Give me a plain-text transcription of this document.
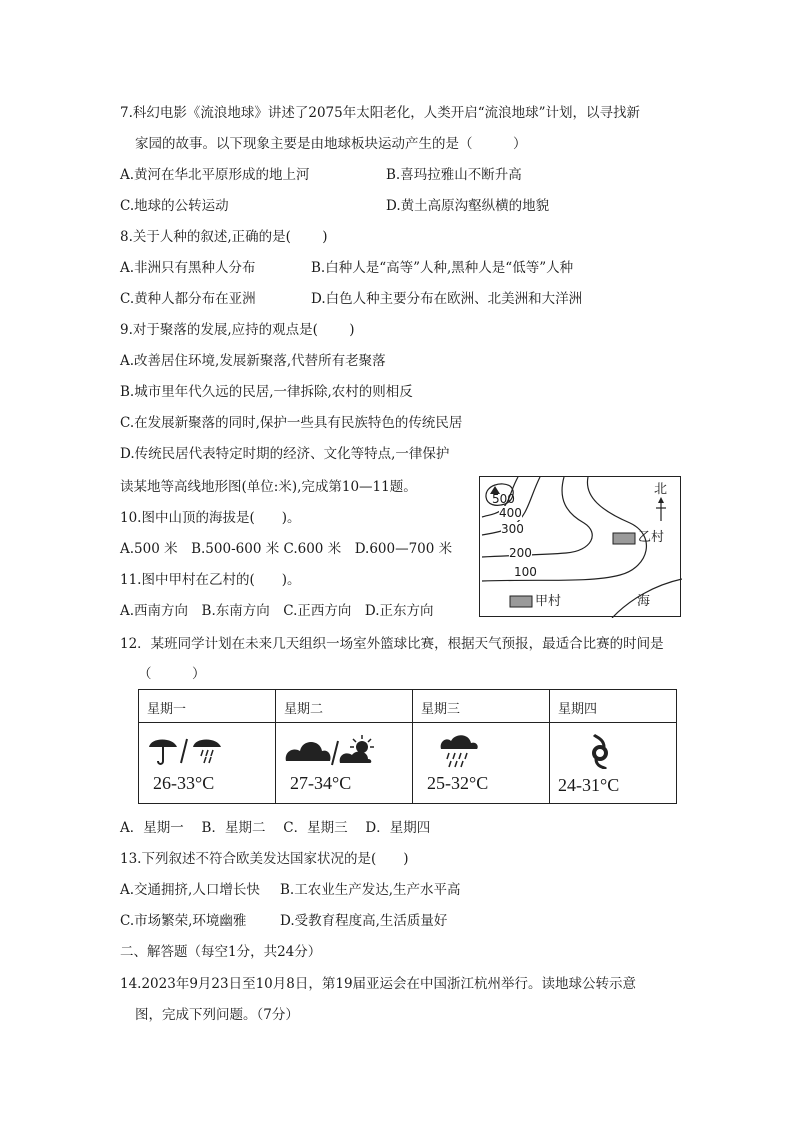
7.科幻电影《流浪地球》讲述了2075年太阳老化，人类开启“流浪地球”计划，以寻找新
家园的故事。以下现象主要是由地球板块运动产生的是（　　　）
A.黄河在华北平原形成的地上河	B.喜玛拉雅山不断升高
C.地球的公转运动	D.黄土高原沟壑纵横的地貌
8.关于人种的叙述,正确的是(　　 )
A.非洲只有黑种人分布	B.白种人是“高等”人种,黑种人是“低等”人种
C.黄种人都分布在亚洲	D.白色人种主要分布在欧洲、北美洲和大洋洲
9.对于聚落的发展,应持的观点是(　　 )
A.改善居住环境,发展新聚落,代替所有老聚落
B.城市里年代久远的民居,一律拆除,农村的则相反
C.在发展新聚落的同时,保护一些具有民族特色的传统民居
D.传统民居代表特定时期的经济、文化等特点,一律保护
读某地等高线地形图(单位:米),完成第10—11题。
10.图中山顶的海拔是(　　)。
A.500 米　B.500-600 米 C.600 米　D.600—700 米
11.图中甲村在乙村的(　　)。
A.西南方向　B.东南方向　C.正西方向　D.正东方向
500
400
300
200
100
北
乙村
甲村	海
12．某班同学计划在未来几天组织一场室外篮球比赛，根据天气预报，最适合比赛的时间是
（　　　）
星期一	星期二	星期三	星期四

26-33°C	27-34°C	25-32°C	24-31°C
A．星期一　 B．星期二　 C．星期三　 D．星期四
13.下列叙述不符合欧美发达国家状况的是(　　)
A.交通拥挤,人口增长快 B.工农业生产发达,生产水平高
C.市场繁荣,环境幽雅 D.受教育程度高,生活质量好
二、解答题（每空1分，共24分）
14.2023年9月23日至10月8日，第19届亚运会在中国浙江杭州举行。读地球公转示意
图，完成下列问题。（7分）
